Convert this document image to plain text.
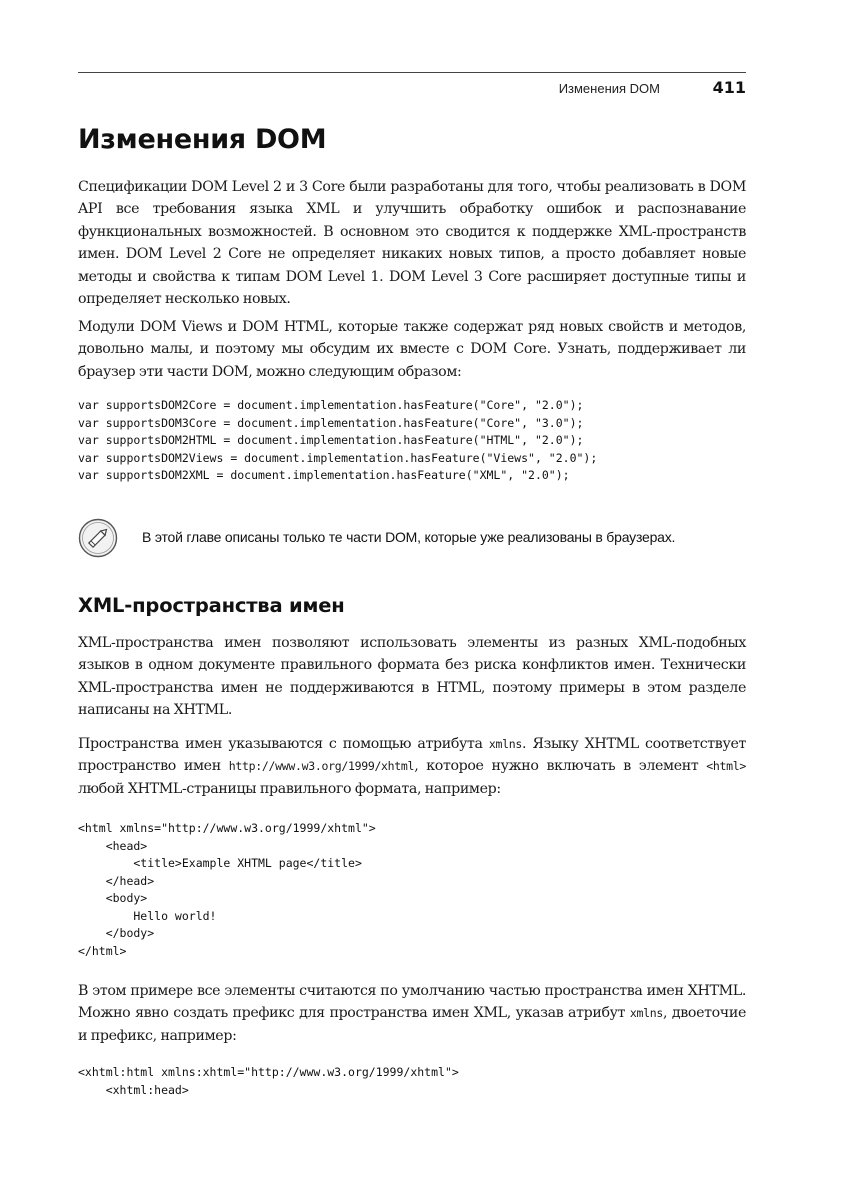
Изменения DOM	411
Изменения DOM

Спецификации DOM Level 2 и 3 Core были разработаны для того, чтобы реализовать в DOM API все требования языка XML и улучшить обработку ошибок и распознавание функциональных возможностей. В основном это сводится к поддержке XML-пространств имен. DOM Level 2 Core не определяет никаких новых типов, а просто добавляет новые методы и свойства к типам DOM Level 1. DOM Level 3 Core расширяет доступные типы и определяет несколько новых.

Модули DOM Views и DOM HTML, которые также содержат ряд новых свойств и методов, довольно малы, и поэтому мы обсудим их вместе с DOM Core. Узнать, поддерживает ли браузер эти части DOM, можно следующим образом:

var supportsDOM2Core = document.implementation.hasFeature("Core", "2.0");
var supportsDOM3Core = document.implementation.hasFeature("Core", "3.0");
var supportsDOM2HTML = document.implementation.hasFeature("HTML", "2.0");
var supportsDOM2Views = document.implementation.hasFeature("Views", "2.0");
var supportsDOM2XML = document.implementation.hasFeature("XML", "2.0");
В этой главе описаны только те части DOM, которые уже реализованы в браузерах.
XML-пространства имен

XML-пространства имен позволяют использовать элементы из разных XML-подобных языков в одном документе правильного формата без риска конфликтов имен. Технически XML-пространства имен не поддерживаются в HTML, поэтому примеры в этом разделе написаны на XHTML.

Пространства имен указываются с помощью атрибута xmlns. Языку XHTML соответствует пространство имен http://www.w3.org/1999/xhtml, которое нужно включать в элемент <html> любой XHTML-страницы правильного формата, например:

<html xmlns="http://www.w3.org/1999/xhtml">
<head>
<title>Example XHTML page</title>
</head>
<body>
Hello world!
</body>
</html>

В этом примере все элементы считаются по умолчанию частью пространства имен XHTML. Можно явно создать префикс для пространства имен XML, указав атрибут xmlns, двоеточие и префикс, например:

<xhtml:html xmlns:xhtml="http://www.w3.org/1999/xhtml">
<xhtml:head>
